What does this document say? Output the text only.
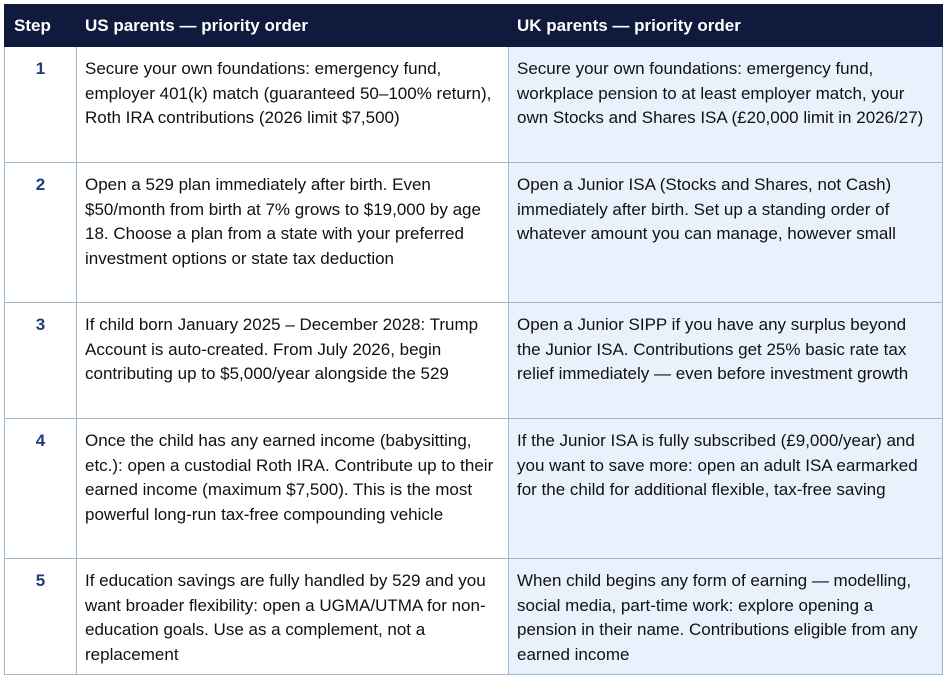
Step	US parents — priority order	UK parents — priority order
1	Secure your own foundations: emergency fund, employer 401(k) match (guaranteed 50–100% return), Roth IRA contributions (2026 limit $7,500)	Secure your own foundations: emergency fund, workplace pension to at least employer match, your own Stocks and Shares ISA (£20,000 limit in 2026/27)
2	Open a 529 plan immediately after birth. Even $50/month from birth at 7% grows to $19,000 by age 18. Choose a plan from a state with your preferred investment options or state tax deduction	Open a Junior ISA (Stocks and Shares, not Cash) immediately after birth. Set up a standing order of whatever amount you can manage, however small
3	If child born January 2025 – December 2028: Trump Account is auto-created. From July 2026, begin contributing up to $5,000/year alongside the 529	Open a Junior SIPP if you have any surplus beyond the Junior ISA. Contributions get 25% basic rate tax relief immediately — even before investment growth
4	Once the child has any earned income (babysitting, etc.): open a custodial Roth IRA. Contribute up to their earned income (maximum $7,500). This is the most powerful long-run tax-free compounding vehicle	If the Junior ISA is fully subscribed (£9,000/year) and you want to save more: open an adult ISA earmarked for the child for additional flexible, tax-free saving
5	If education savings are fully handled by 529 and you want broader flexibility: open a UGMA/UTMA for non-education goals. Use as a complement, not a replacement	When child begins any form of earning — modelling, social media, part-time work: explore opening a pension in their name. Contributions eligible from any earned income
